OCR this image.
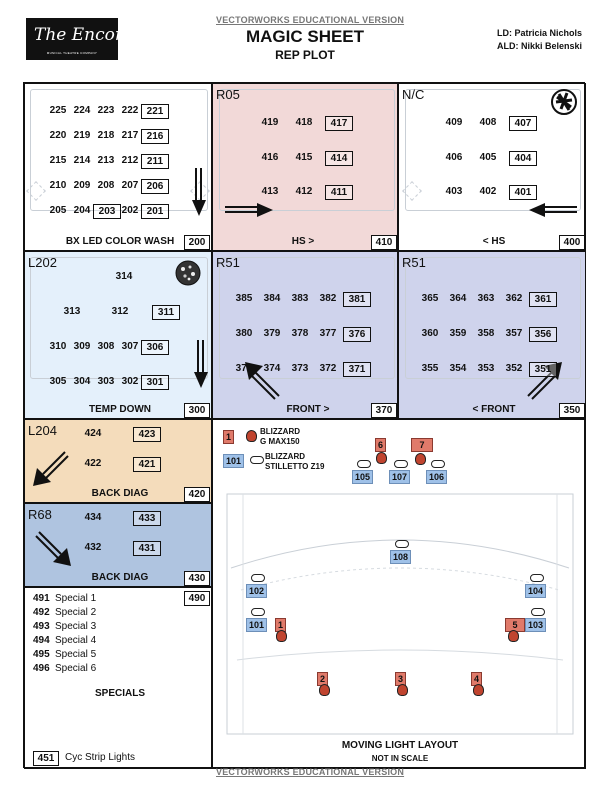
VECTORWORKS EDUCATIONAL VERSION
The Encore
MUSICAL THEATRE COMPANY
MAGIC SHEET
REP PLOT
LD: Patricia Nichols
ALD: Nikki Belenski
BX LED COLOR WASH	200
225 224 223 222 221
220 219 218 217 216
215 214 213 212 211
210 209 208 207 206
205 204 203 202 201
R05
HS >	410
419	418	417
416	415	414
413	412	411
N/C
< HS	400
409	408	407
406	405	404
403	402	401
L202
TEMP DOWN	300
314
313	312	311
310 309 308 307 306
305 304 303 302 301
R51
FRONT >	370
385	384	383	382	381
380	379	378	377	376
375	374	373	372	371
R51
< FRONT	350
365	364	363	362	361
360	359	358	357	356
355	354	353	352	351
L204
BACK DIAG	420
424	423
422	421
R68
BACK DIAG	430
434	433
432	431
490
491 Special 1
492 Special 2
493 Special 3
494 Special 4
495 Special 5
496 Special 6
SPECIALS
451	Cyc Strip Lights
1
BLIZZARD
G MAX150
101	BLIZZARD
STILLETTO Z19
6	7
1
2	3	4
5
105	107	106
108
102	104
101	103
MOVING LIGHT LAYOUT
NOT IN SCALE
VECTORWORKS EDUCATIONAL VERSION
